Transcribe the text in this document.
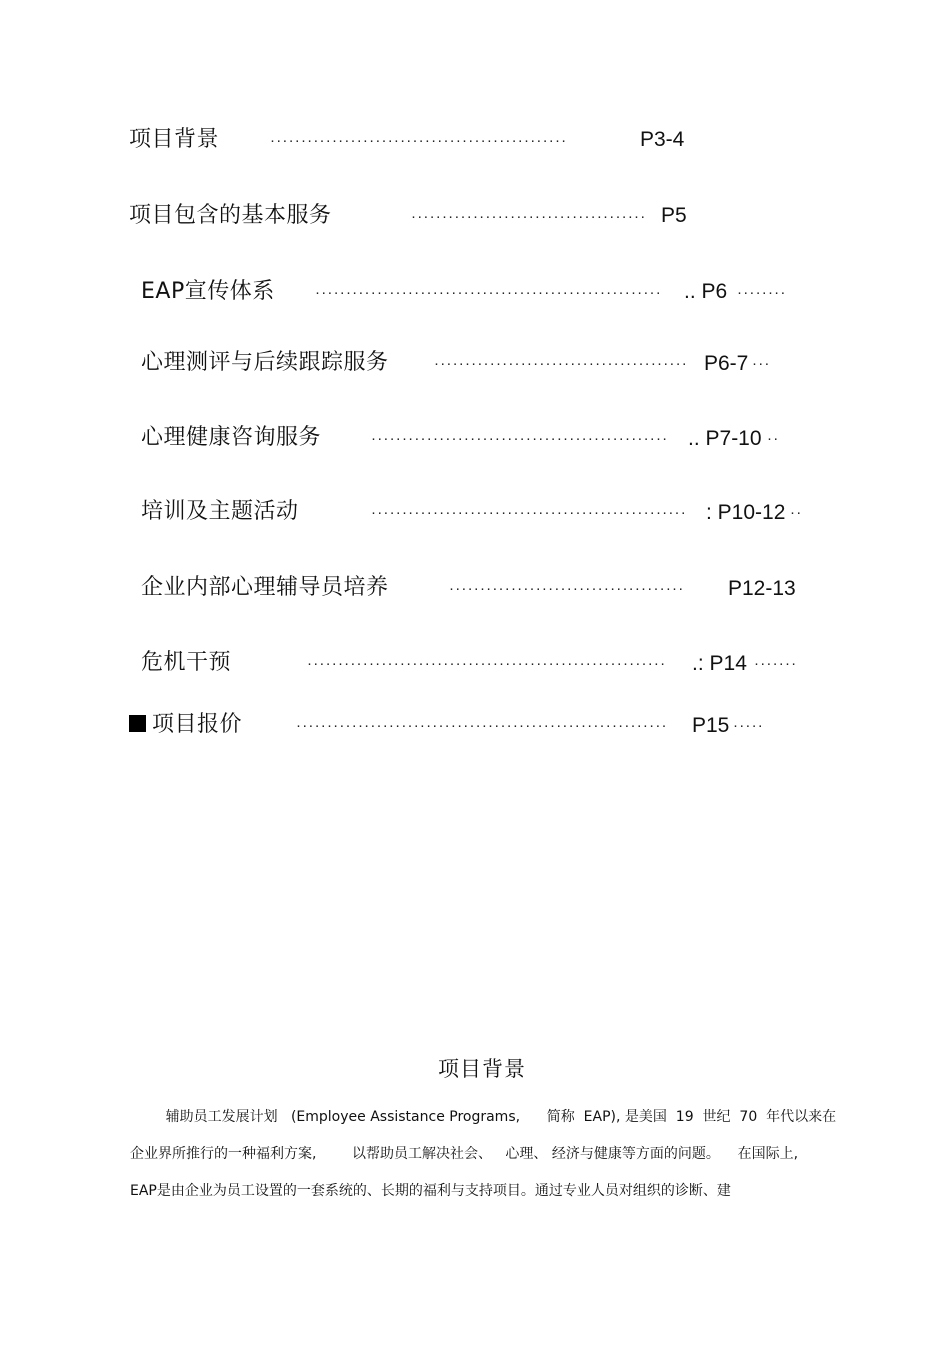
项目背景	················································	P3-4
项目包含的基本服务	······································ P5
EAP宣传体系	························································	.. P6 ········
心理测评与后续跟踪服务	········································· P6-7 ···
心理健康咨询服务	················································ .. P7-10 ··
培训及主题活动	··················································· : P10-12 ··
企业内部心理辅导员培养	······································	P12-13
危机干预	··························································	.: P14 ·······
项目报价	····························································	P15 ·····
项目背景
辅助员工发展计划   (Employee Assistance Programs,      简称  EAP), 是美国  19  世纪  70  年代以来在
企业界所推行的一种福利方案,        以帮助员工解决社会、   心理、 经济与健康等方面的问题。    在国际上,
EAP是由企业为员工设置的一套系统的、长期的福利与支持项目。通过专业人员对组织的诊断、建
